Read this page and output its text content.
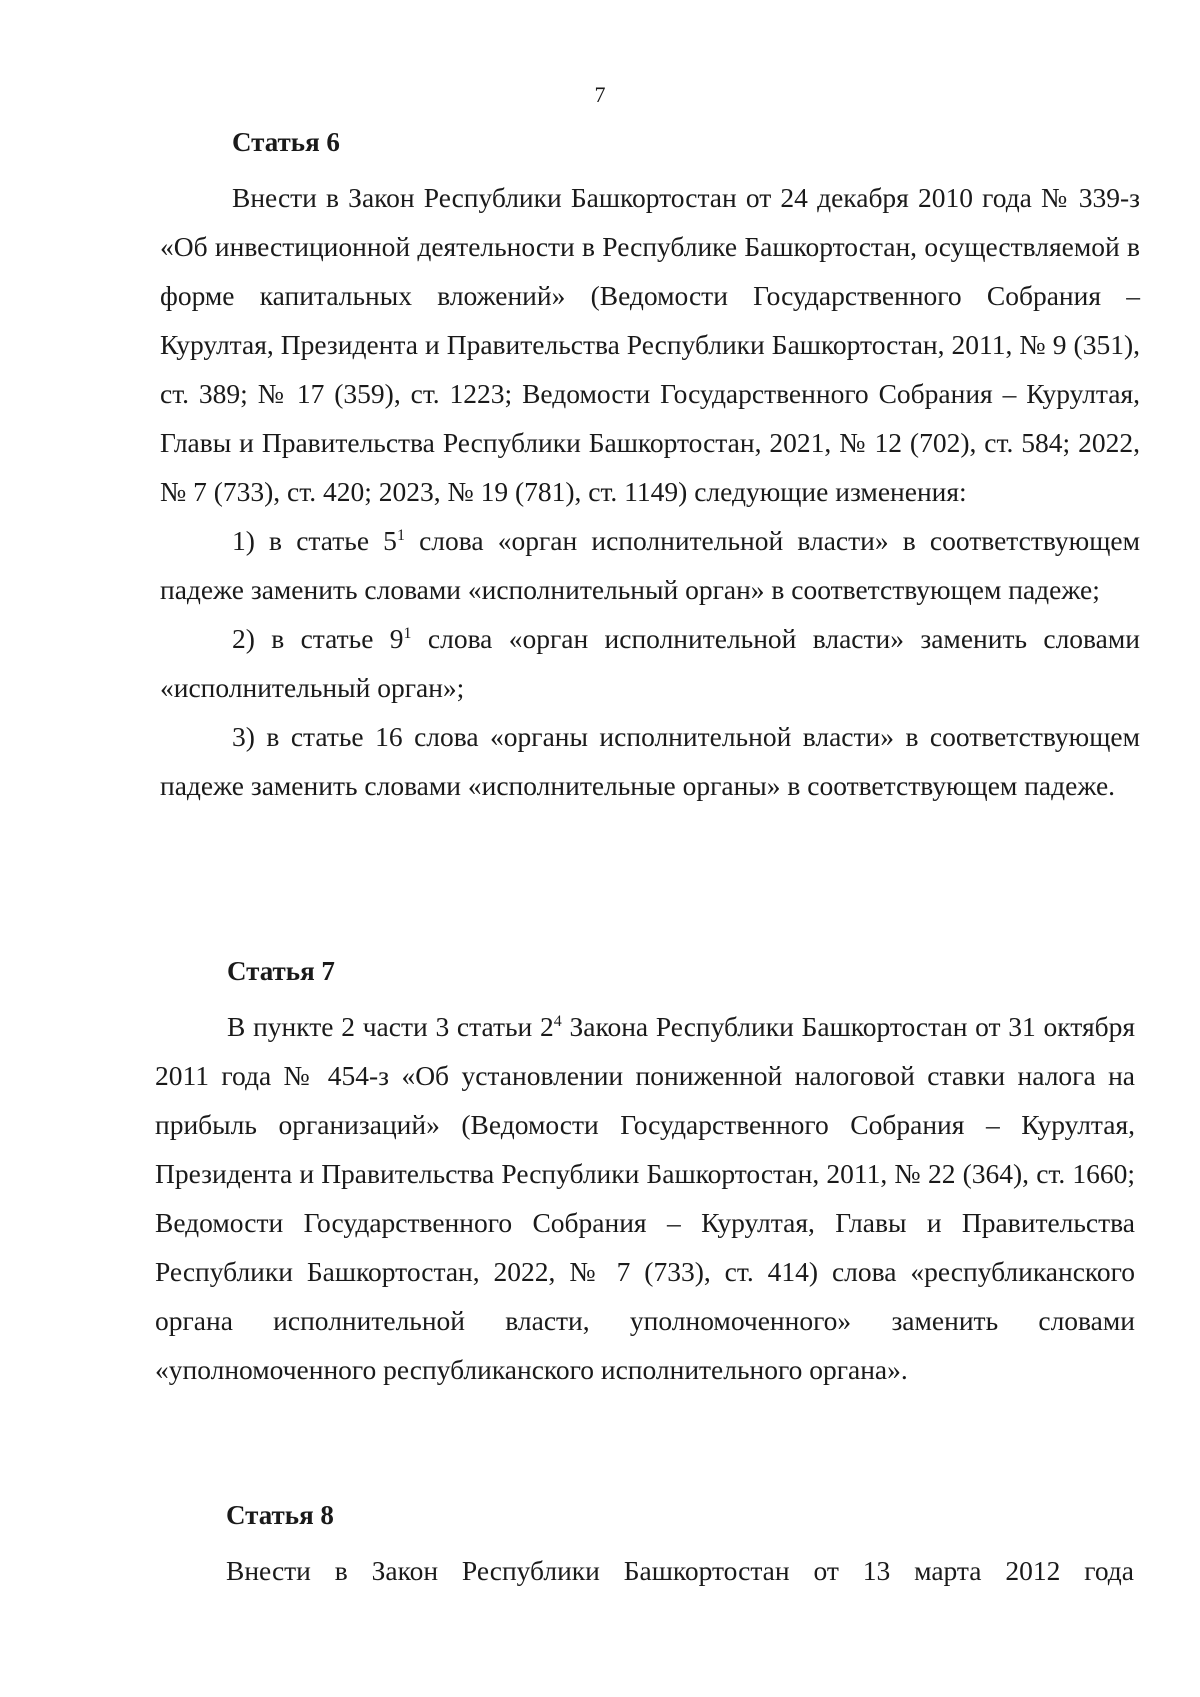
7
Статья 6

Внести в Закон Республики Башкортостан от 24 декабря 2010 года № 339-з «Об инвестиционной деятельности в Республике Башкортостан, осуществляемой в форме капитальных вложений» (Ведомости Государственного Собрания – Курултая, Президента и Правительства Республики Башкортостан, 2011, № 9 (351), ст. 389; № 17 (359), ст. 1223; Ведомости Государственного Собрания – Курултая, Главы и Правительства Республики Башкортостан, 2021, № 12 (702), ст. 584; 2022, № 7 (733), ст. 420; 2023, № 19 (781), ст. 1149) следующие изменения:

1) в статье $5^1$ слова «орган исполнительной власти» в соответствующем падеже заменить словами «исполнительный орган» в соответствующем падеже;

2) в статье $9^1$ слова «орган исполнительной власти» заменить словами «исполнительный орган»;

3) в статье 16 слова «органы исполнительной власти» в соответствующем падеже заменить словами «исполнительные органы» в соответствующем падеже.

Статья 7

В пункте 2 части 3 статьи $2^4$ Закона Республики Башкортостан от 31 октября 2011 года № 454-з «Об установлении пониженной налоговой ставки налога на прибыль организаций» (Ведомости Государственного Собрания – Курултая, Президента и Правительства Республики Башкортостан, 2011, № 22 (364), ст. 1660; Ведомости Государственного Собрания – Курултая, Главы и Правительства Республики Башкортостан, 2022, № 7 (733), ст. 414) слова «республиканского органа исполнительной власти, уполномоченного» заменить словами «уполномоченного республиканского исполнительного органа».

Статья 8

Внести в Закон Республики Башкортостан от 13 марта 2012 года
